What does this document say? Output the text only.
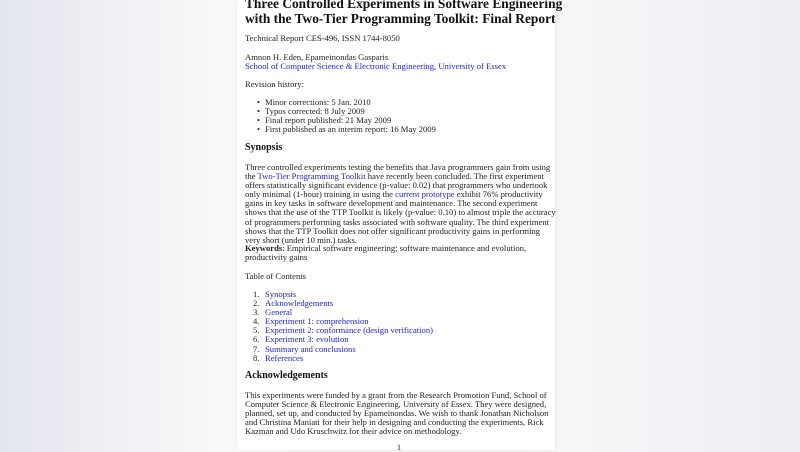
Three Controlled Experiments in Software Engineering
with the Two-Tier Programming Toolkit: Final Report
Technical Report CES-496, ISSN 1744-8050
Amnon H. Eden, Epameinondas Gasparis
School of Computer Science & Electronic Engineering, University of Essex
Revision history:
• Minor corrections: 5 Jan. 2010
• Typos corrected: 8 July 2009
• Final report published: 21 May 2009
• First published as an interim report: 16 May 2009
Synopsis

Three controlled experiments testing the benefits that Java programmers gain from using the Two-Tier Programming Toolkit have recently been concluded. The first experiment offers statistically significant evidence (p-value: 0.02) that programmers who undertook only minimal (1-hour) training in using the current prototype exhibit 76% productivity gains in key tasks in software development and maintenance. The second experiment shows that the use of the TTP Toolkit is likely (p-value: 0.10) to almost triple the accuracy of programmers performing tasks associated with software quality. The third experiment shows that the TTP Toolkit does not offer significant productivity gains in performing very short (under 10 min.) tasks.

Keywords: Empirical software engineering; software maintenance and evolution, productivity gains

Table of Contents
1. Synopsis
2. Acknowledgements
3. General
4. Experiment 1: comprehension
5. Experiment 2: conformance (design verification)
6. Experiment 3: evolution
7. Summary and conclusions
8. References
Acknowledgements

This experiments were funded by a grant from the Research Promotion Fund, School of Computer Science & Electronic Engineering, University of Essex. They were designed, planned, set up, and conducted by Epameinondas. We wish to thank Jonathan Nicholson and Christina Maniati for their help in designing and conducting the experiments, Rick Kazman and Udo Kruschwitz for their advice on methodology.

1
